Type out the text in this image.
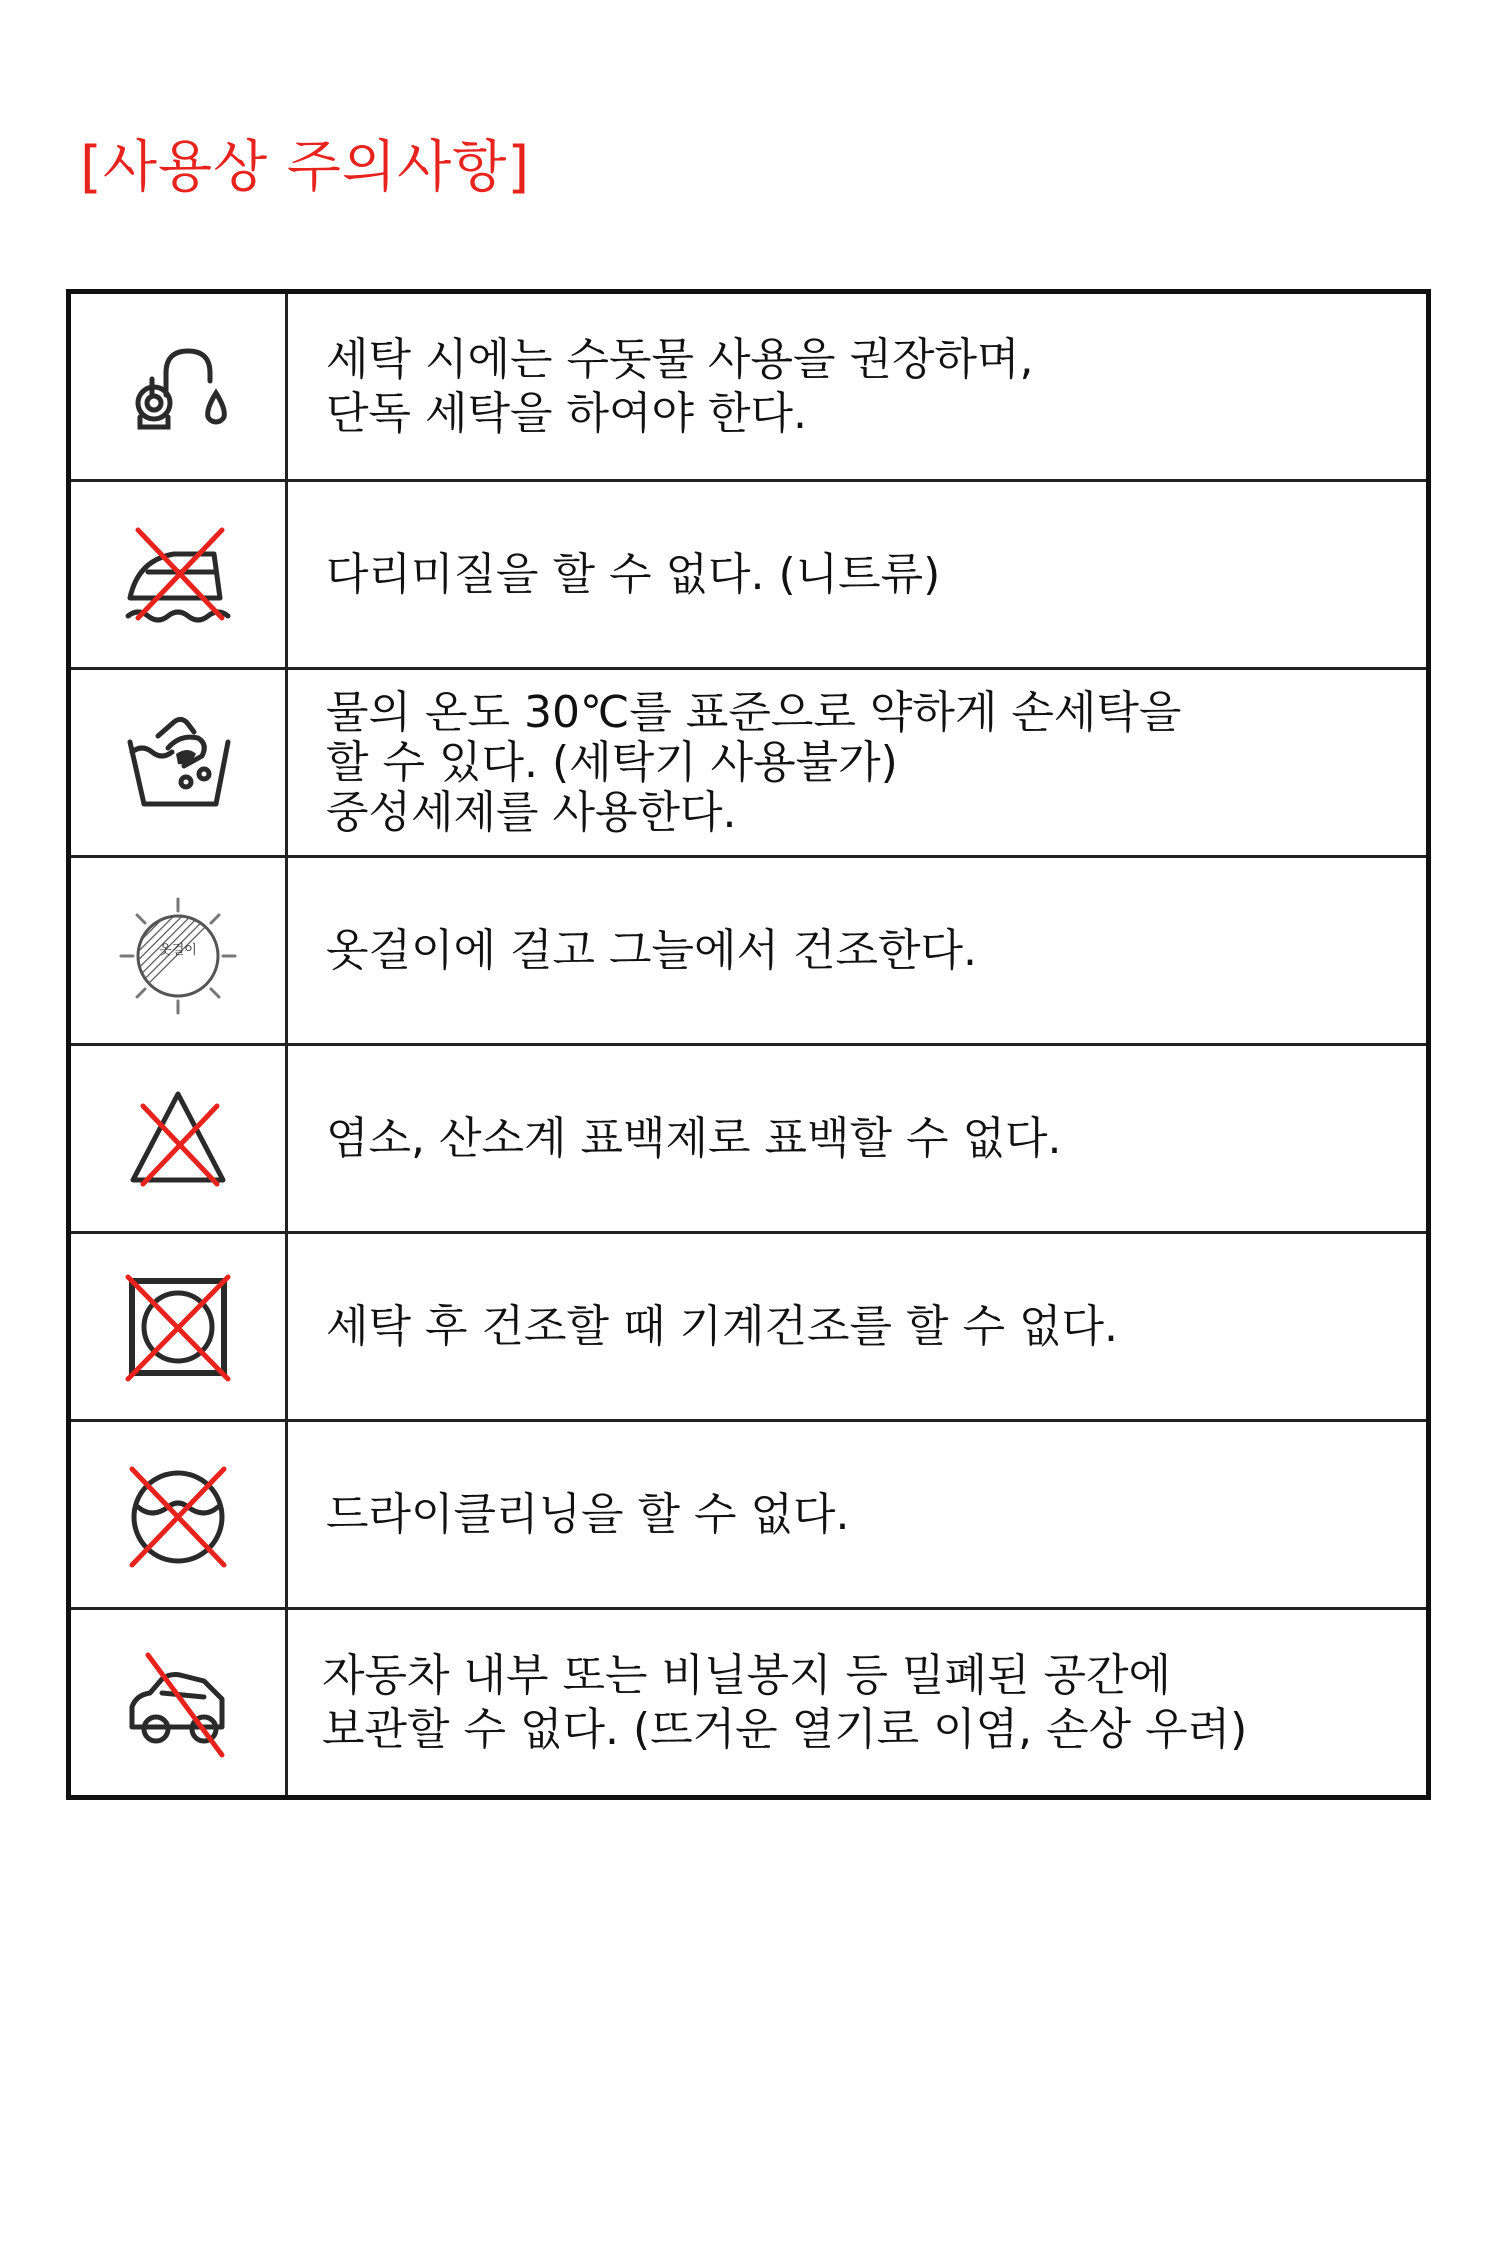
[사용상 주의사항]

세탁 시에는 수돗물 사용을 권장하며,
단독 세탁을 하여야 한다.

다리미질을 할 수 없다. (니트류)

물의 온도 30℃를 표준으로 약하게 손세탁을
할 수 있다. (세탁기 사용불가)
중성세제를 사용한다.

옷걸이	옷걸이에 걸고 그늘에서 건조한다.

염소, 산소계 표백제로 표백할 수 없다.

세탁 후 건조할 때 기계건조를 할 수 없다.

드라이클리닝을 할 수 없다.

자동차 내부 또는 비닐봉지 등 밀폐된 공간에
보관할 수 없다. (뜨거운 열기로 이염, 손상 우려)
